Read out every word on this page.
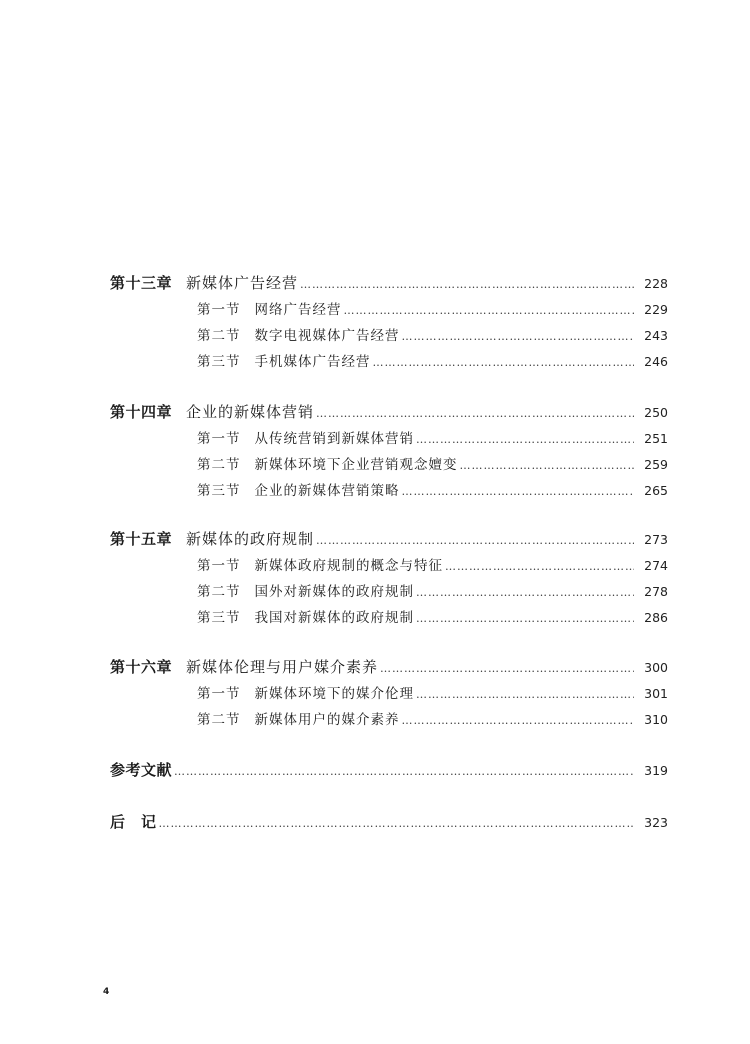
第十三章 新媒体广告经营 …………………………………………………………………………………………………………………………………………………………………………………………………………………………	228
第一节 网络广告经营 …………………………………………………………………………………………………………………………………………………………………………………………………………………………	229
第二节 数字电视媒体广告经营 …………………………………………………………………………………………………………………………………………………………………………………………………………………………	243
第三节 手机媒体广告经营 …………………………………………………………………………………………………………………………………………………………………………………………………………………………	246
第十四章 企业的新媒体营销 …………………………………………………………………………………………………………………………………………………………………………………………………………………………	250
第一节 从传统营销到新媒体营销 …………………………………………………………………………………………………………………………………………………………………………………………………………………………	251
第二节 新媒体环境下企业营销观念嬗变 …………………………………………………………………………………………………………………………………………………………………………………………………………………………	259
第三节 企业的新媒体营销策略 …………………………………………………………………………………………………………………………………………………………………………………………………………………………	265
第十五章 新媒体的政府规制 …………………………………………………………………………………………………………………………………………………………………………………………………………………………	273
第一节 新媒体政府规制的概念与特征 …………………………………………………………………………………………………………………………………………………………………………………………………………………………	274
第二节 国外对新媒体的政府规制 …………………………………………………………………………………………………………………………………………………………………………………………………………………………	278
第三节 我国对新媒体的政府规制 …………………………………………………………………………………………………………………………………………………………………………………………………………………………	286
第十六章 新媒体伦理与用户媒介素养 …………………………………………………………………………………………………………………………………………………………………………………………………………………………	300
第一节 新媒体环境下的媒介伦理 …………………………………………………………………………………………………………………………………………………………………………………………………………………………	301
第二节 新媒体用户的媒介素养 …………………………………………………………………………………………………………………………………………………………………………………………………………………………	310
参考文献 …………………………………………………………………………………………………………………………………………………………………………………………………………………………	319
后　记 …………………………………………………………………………………………………………………………………………………………………………………………………………………………	323
4
